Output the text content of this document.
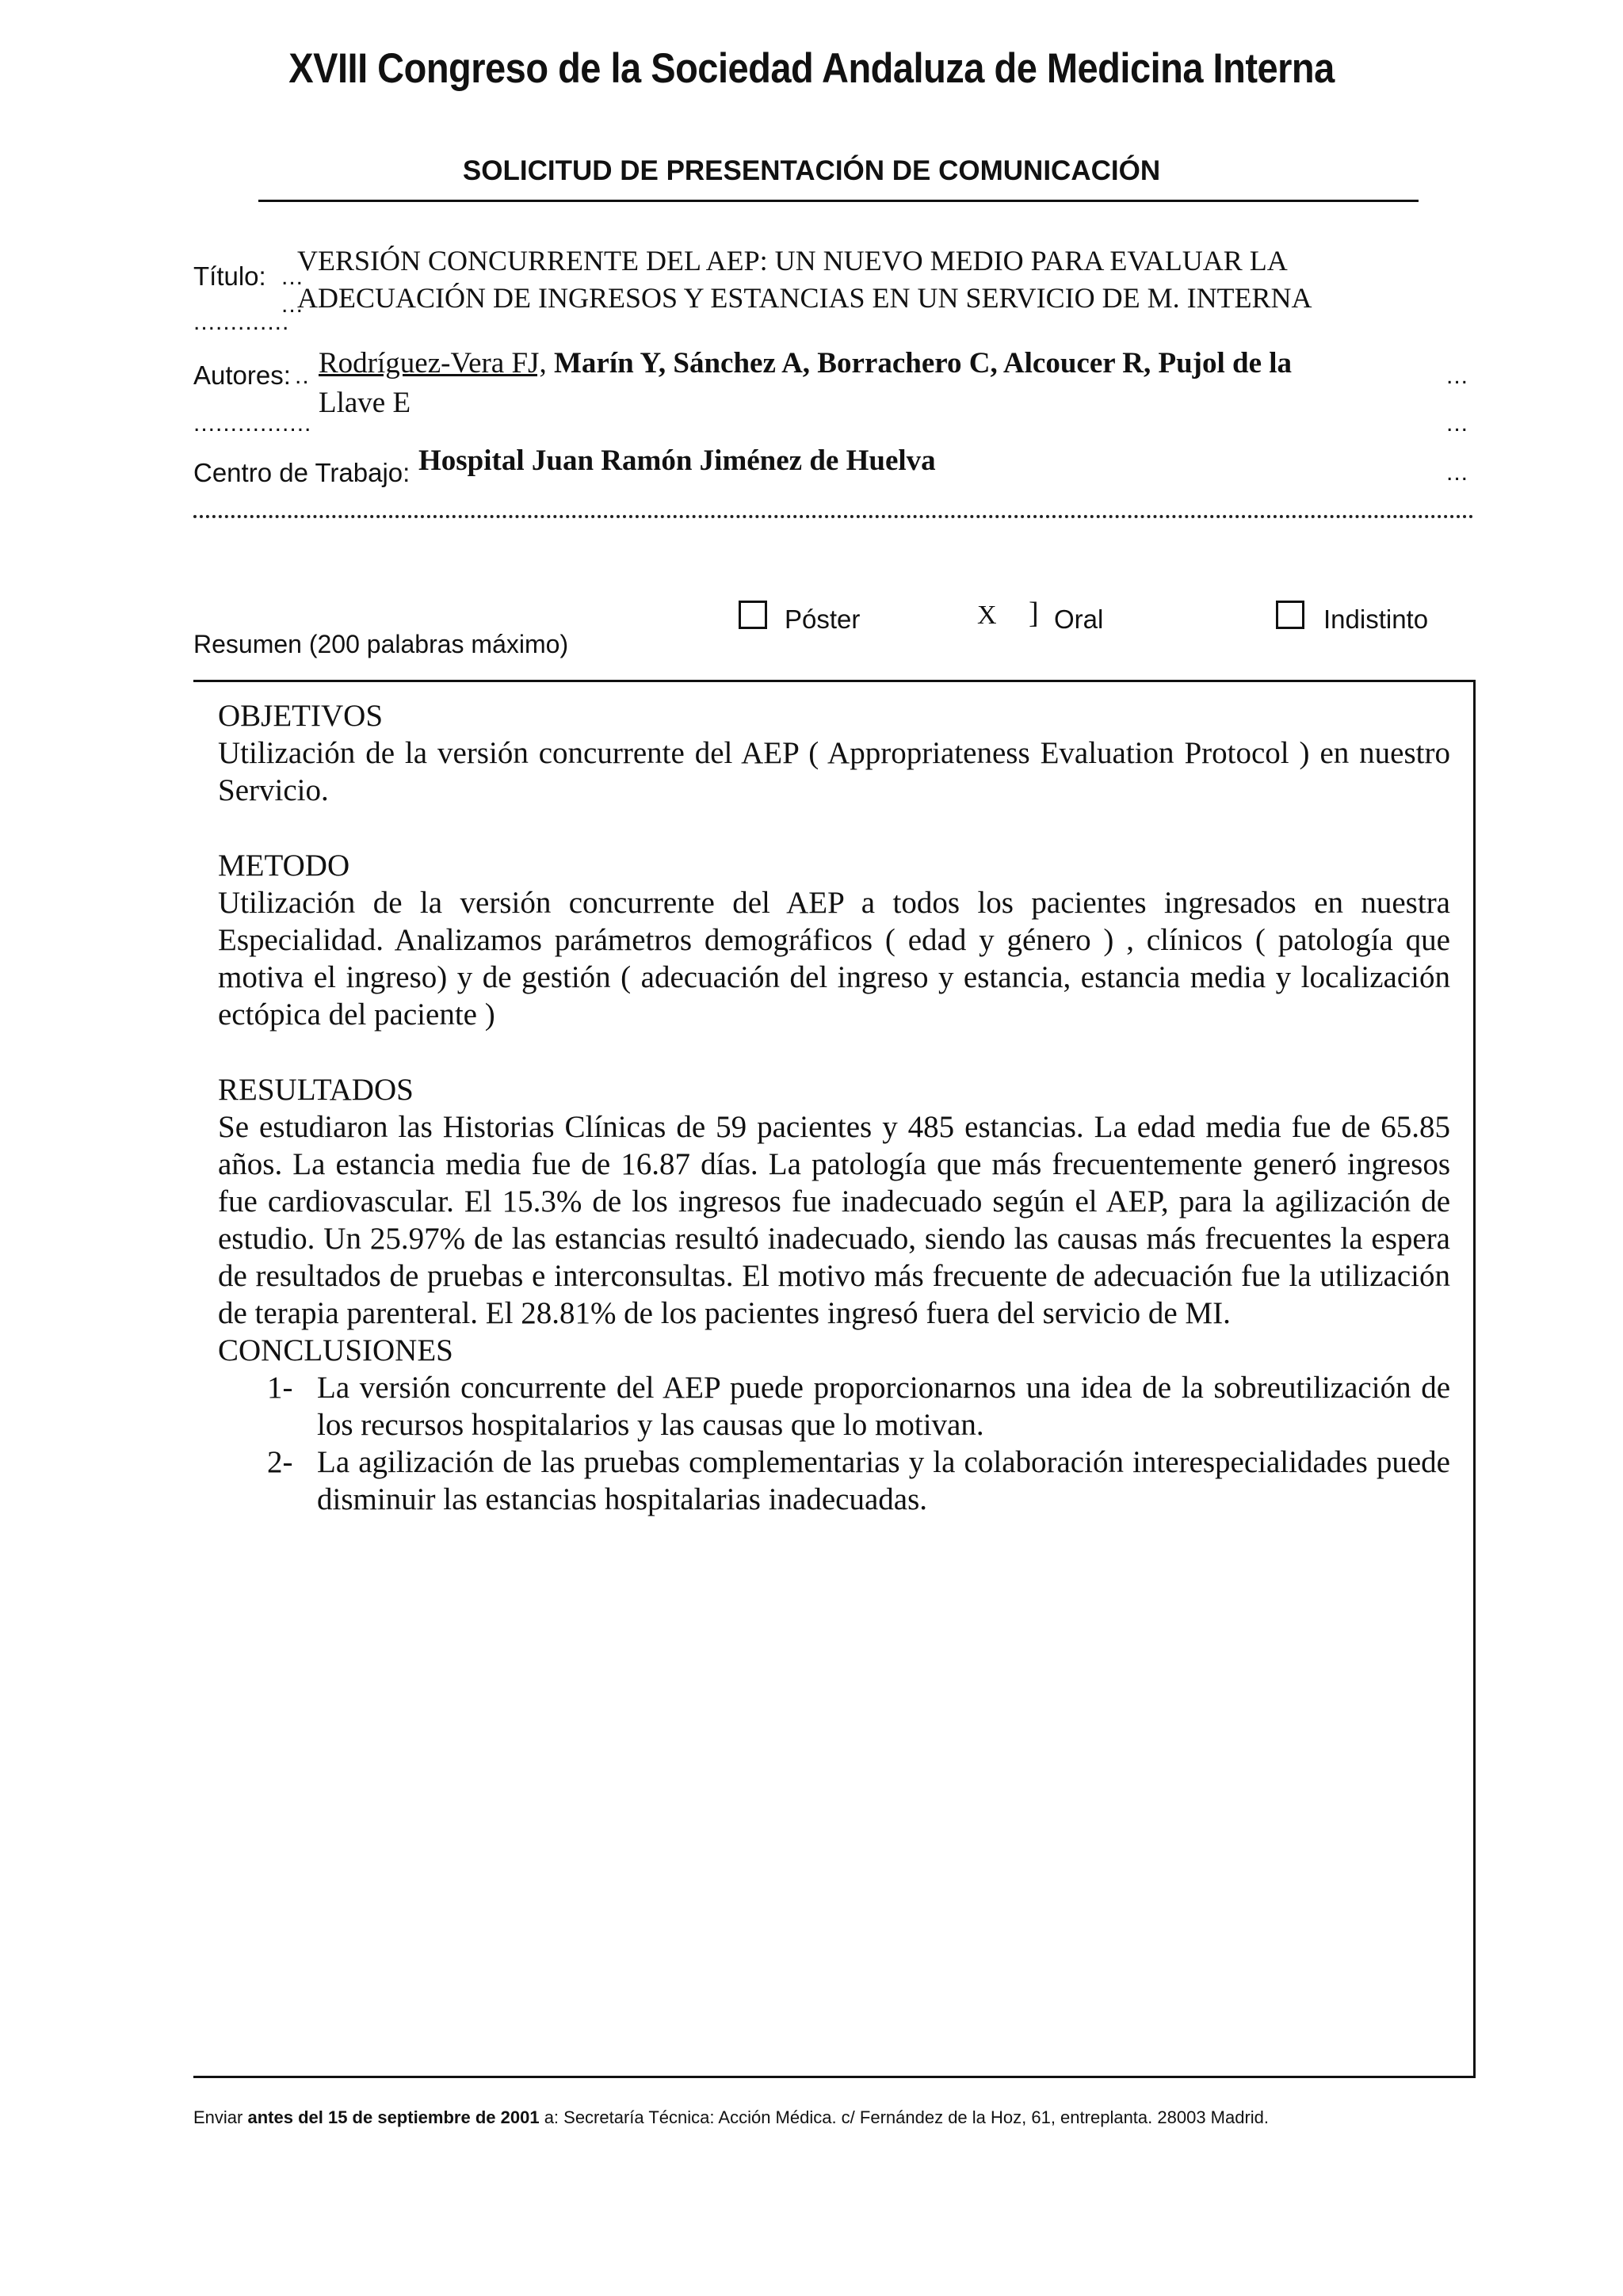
XVIII Congreso de la Sociedad Andaluza de Medicina Interna
SOLICITUD DE PRESENTACIÓN DE COMUNICACIÓN
Título: ...
...
VERSIÓN CONCURRENTE DEL AEP: UN NUEVO MEDIO PARA EVALUAR LA
ADECUACIÓN DE INGRESOS Y ESTANCIAS EN UN SERVICIO DE M. INTERNA
.............
Autores: .. Rodríguez-Vera FJ, Marín Y, Sánchez A, Borrachero C, Alcoucer R, Pujol de la	...
Llave E
................	...
Centro de Trabajo: Hospital Juan Ramón Jiménez de Huelva	...
Resumen (200 palabras máximo)
Póster	X ] Oral	Indistinto
OBJETIVOS

Utilización de la versión concurrente del AEP ( Appropriateness Evaluation Protocol ) en nuestro Servicio.

METODO

Utilización de la versión concurrente del AEP a todos los pacientes ingresados en nuestra Especialidad. Analizamos parámetros demográficos ( edad y género ) , clínicos ( patología que motiva el ingreso) y de gestión ( adecuación del ingreso y estancia, estancia media y localización ectópica del paciente )

RESULTADOS

Se estudiaron las Historias Clínicas de 59 pacientes y 485 estancias. La edad media fue de 65.85 años. La estancia media fue de 16.87 días. La patología que más frecuentemente generó ingresos fue cardiovascular. El 15.3% de los ingresos fue inadecuado según el AEP, para la agilización de estudio. Un 25.97% de las estancias resultó inadecuado, siendo las causas más frecuentes la espera de resultados de pruebas e interconsultas. El motivo más frecuente de adecuación fue la utilización de terapia parenteral. El 28.81% de los pacientes ingresó fuera del servicio de MI.

CONCLUSIONES
1- La versión concurrente del AEP puede proporcionarnos una idea de la sobreutilización de los recursos hospitalarios y las causas que lo motivan.
2- La agilización de las pruebas complementarias y la colaboración interespecialidades puede disminuir las estancias hospitalarias inadecuadas.
Enviar antes del 15 de septiembre de 2001 a: Secretaría Técnica: Acción Médica. c/ Fernández de la Hoz, 61, entreplanta. 28003 Madrid.
